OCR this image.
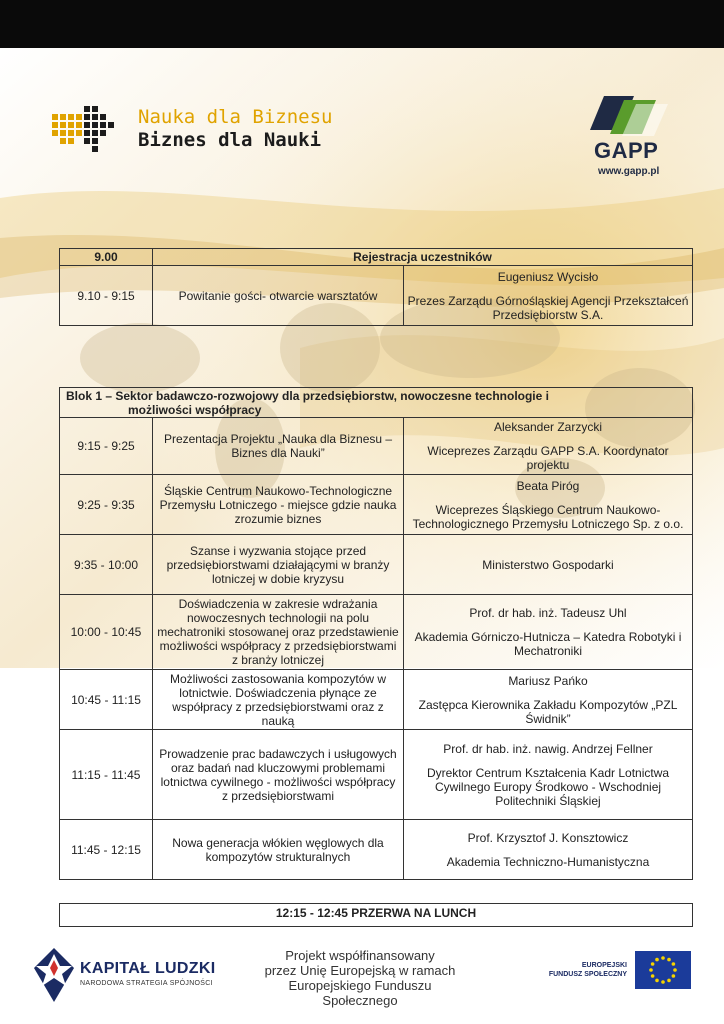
Nauka dla Biznesu
Biznes dla Nauki	GAPP
www.gapp.pl
9.00	Rejestracja uczestników	
9.10 - 9:15	Powitanie gości- otwarcie warsztatów	Eugeniusz Wycisło
Prezes Zarządu Górnośląskiej Agencji Przekształceń Przedsiębiorstw S.A.
Blok 1 – Sektor badawczo-rozwojowy dla przedsiębiorstw, nowoczesne technologie i
możliwości współpracy		

9:15 - 9:25	Prezentacja Projektu „Nauka dla Biznesu – Biznes dla Nauki”	Aleksander Zarzycki
Wiceprezes Zarządu GAPP S.A. Koordynator projektu

9:25 - 9:35	Śląskie Centrum Naukowo-Technologiczne Przemysłu Lotniczego - miejsce gdzie nauka zrozumie biznes	Beata Piróg
Wiceprezes Śląskiego Centrum Naukowo-Technologicznego Przemysłu Lotniczego Sp. z o.o.

9:35 - 10:00	Szanse i wyzwania stojące przed przedsiębiorstwami działającymi w branży lotniczej w dobie kryzysu	Ministerstwo Gospodarki

10:00 - 10:45	Doświadczenia w zakresie wdrażania nowoczesnych technologii na polu mechatroniki stosowanej oraz przedstawienie możliwości współpracy z przedsiębiorstwami z branży lotniczej	Prof. dr hab. inż. Tadeusz Uhl
Akademia Górniczo-Hutnicza – Katedra Robotyki i Mechatroniki

10:45 - 11:15	Możliwości zastosowania kompozytów w lotnictwie. Doświadczenia płynące ze współpracy z przedsiębiorstwami oraz z nauką	Mariusz Pańko
Zastępca Kierownika Zakładu Kompozytów „PZL Świdnik”

11:15 - 11:45	Prowadzenie prac badawczych i usługowych oraz badań nad kluczowymi problemami lotnictwa cywilnego - możliwości współpracy z przedsiębiorstwami	Prof. dr hab. inż. nawig. Andrzej Fellner
Dyrektor Centrum Kształcenia Kadr Lotnictwa Cywilnego Europy Środkowo - Wschodniej Politechniki Śląskiej

11:45 - 12:15	Nowa generacja włókien węglowych dla kompozytów strukturalnych	Prof. Krzysztof J. Konsztowicz
Akademia Techniczno-Humanistyczna
12:15 - 12:45 PRZERWA NA LUNCH
KAPITAŁ LUDZKI
NARODOWA STRATEGIA SPÓJNOŚCI
Projekt współfinansowany
przez Unię Europejską w ramach
Europejskiego Funduszu Społecznego
EUROPEJSKI
FUNDUSZ SPOŁECZNY
